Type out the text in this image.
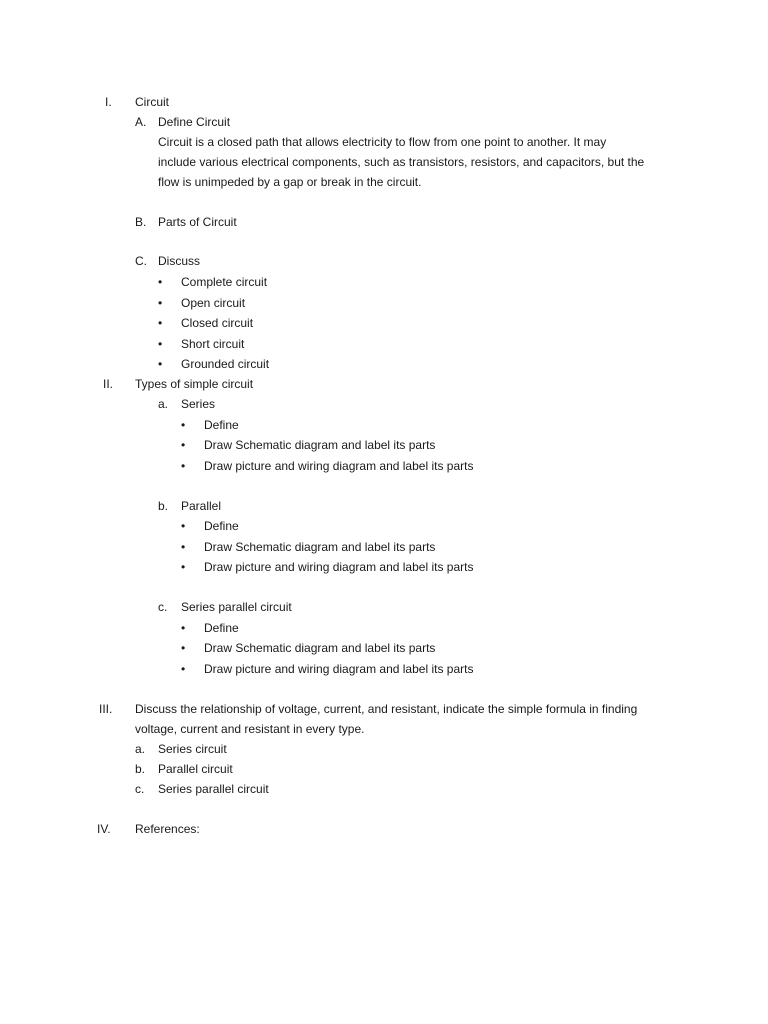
I. Circuit
A. Define Circuit
Circuit is a closed path that allows electricity to flow from one point to another. It may
include various electrical components, such as transistors, resistors, and capacitors, but the
flow is unimpeded by a gap or break in the circuit.
B. Parts of Circuit
C. Discuss
• Complete circuit
• Open circuit
• Closed circuit
• Short circuit
• Grounded circuit
II. Types of simple circuit
a. Series
• Define
• Draw Schematic diagram and label its parts
• Draw picture and wiring diagram and label its parts
b. Parallel
• Define
• Draw Schematic diagram and label its parts
• Draw picture and wiring diagram and label its parts
c. Series parallel circuit
• Define
• Draw Schematic diagram and label its parts
• Draw picture and wiring diagram and label its parts
III. Discuss the relationship of voltage, current, and resistant, indicate the simple formula in finding
voltage, current and resistant in every type.
a. Series circuit
b. Parallel circuit
c. Series parallel circuit
IV. References:
